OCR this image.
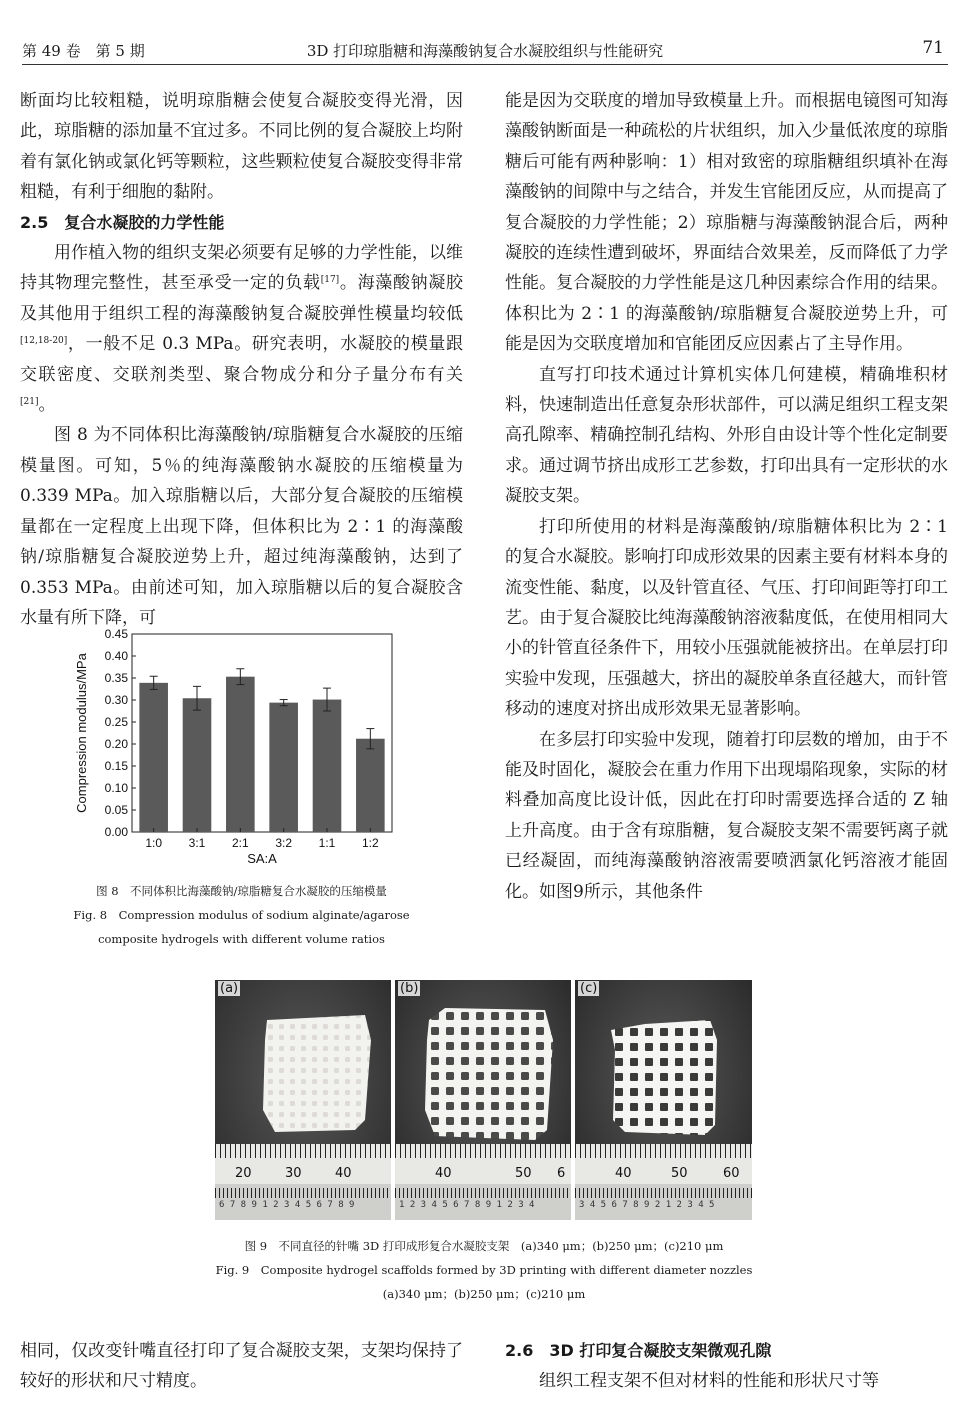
第 49 卷　第 5 期	3D 打印琼脂糖和海藻酸钠复合水凝胶组织与性能研究	71

断面均比较粗糙，说明琼脂糖会使复合凝胶变得光滑，因此，琼脂糖的添加量不宜过多。不同比例的复合凝胶上均附着有氯化钠或氯化钙等颗粒，这些颗粒使复合凝胶变得非常粗糙，有利于细胞的黏附。

2.5 复合水凝胶的力学性能

用作植入物的组织支架必须要有足够的力学性能，以维持其物理完整性，甚至承受一定的负载[17]。海藻酸钠凝胶及其他用于组织工程的海藻酸钠复合凝胶弹性模量均较低[12,18-20]，一般不足 0.3 MPa。研究表明，水凝胶的模量跟交联密度、交联剂类型、聚合物成分和分子量分布有关[21]。

图 8 为不同体积比海藻酸钠/琼脂糖复合水凝胶的压缩模量图。可知，5％的纯海藻酸钠水凝胶的压缩模量为 0.339 MPa。加入琼脂糖以后，大部分复合凝胶的压缩模量都在一定程度上出现下降，但体积比为 2∶1 的海藻酸钠/琼脂糖复合凝胶逆势上升，超过纯海藻酸钠，达到了 0.353 MPa。由前述可知，加入琼脂糖以后的复合凝胶含水量有所下降，可

0.00
0.05
0.10
0.15
0.20
0.25
0.30
0.35
0.40
0.45
1:0 3:1 2:1 3:2 1:1 1:2
SA:A
Compression modulus/MPa
图 8　不同体积比海藻酸钠/琼脂糖复合水凝胶的压缩模量
Fig. 8　Compression modulus of sodium alginate/agarose
composite hydrogels with different volume ratios

能是因为交联度的增加导致模量上升。而根据电镜图可知海藻酸钠断面是一种疏松的片状组织，加入少量低浓度的琼脂糖后可能有两种影响：1）相对致密的琼脂糖组织填补在海藻酸钠的间隙中与之结合，并发生官能团反应，从而提高了复合凝胶的力学性能；2）琼脂糖与海藻酸钠混合后，两种凝胶的连续性遭到破坏，界面结合效果差，反而降低了力学性能。复合凝胶的力学性能是这几种因素综合作用的结果。体积比为 2∶1 的海藻酸钠/琼脂糖复合凝胶逆势上升，可能是因为交联度增加和官能团反应因素占了主导作用。

直写打印技术通过计算机实体几何建模，精确堆积材料，快速制造出任意复杂形状部件，可以满足组织工程支架高孔隙率、精确控制孔结构、外形自由设计等个性化定制要求。通过调节挤出成形工艺参数，打印出具有一定形状的水凝胶支架。

打印所使用的材料是海藻酸钠/琼脂糖体积比为 2∶1 的复合水凝胶。影响打印成形效果的因素主要有材料本身的流变性能、黏度，以及针管直径、气压、打印间距等打印工艺。由于复合凝胶比纯海藻酸钠溶液黏度低，在使用相同大小的针管直径条件下，用较小压强就能被挤出。在单层打印实验中发现，压强越大，挤出的凝胶单条直径越大，而针管移动的速度对挤出成形效果无显著影响。

在多层打印实验中发现，随着打印层数的增加，由于不能及时固化，凝胶会在重力作用下出现塌陷现象，实际的材料叠加高度比设计低，因此在打印时需要选择合适的 Z 轴上升高度。由于含有琼脂糖，复合凝胶支架不需要钙离子就已经凝固，而纯海藻酸钠溶液需要喷洒氯化钙溶液才能固化。如图9所示，其他条件

20	30	40
6 7 8 9 1 2 3 4 5 6 7 8 9
(a)
40	50 6
1 2 3 4 5 6 7 8 9 1 2 3 4
(b)
40	50	60
3 4 5 6 7 8 9 2 1 2 3 4 5
(c)
图 9　不同直径的针嘴 3D 打印成形复合水凝胶支架　(a)340 μm；(b)250 μm；(c)210 μm
Fig. 9　Composite hydrogel scaffolds formed by 3D printing with different diameter nozzles
(a)340 μm；(b)250 μm；(c)210 μm

相同，仅改变针嘴直径打印了复合凝胶支架，支架均保持了较好的形状和尺寸精度。

2.6 3D 打印复合凝胶支架微观孔隙

组织工程支架不但对材料的性能和形状尺寸等
